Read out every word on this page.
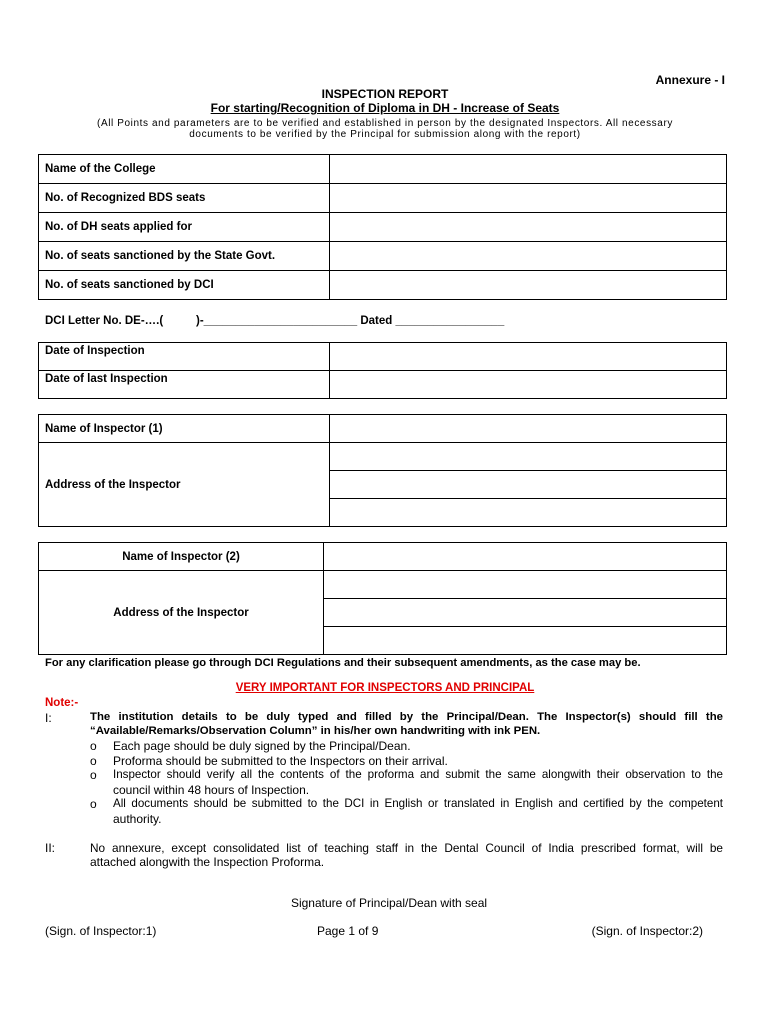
Annexure - I
INSPECTION REPORT
For starting/Recognition of Diploma in DH - Increase of Seats
(All Points and parameters are to be verified and established in person by the designated Inspectors. All necessary
documents to be verified by the Principal for submission along with the report)
Name of the College	
No. of Recognized BDS seats	
No. of DH seats applied for	
No. of seats sanctioned by the State Govt.	
No. of seats sanctioned by DCI	
DCI Letter No. DE-….(	)-________________________ Dated _________________
Date of Inspection	
Date of last Inspection	
Name of Inspector (1)	
Address of the Inspector	

Name of Inspector (2)	
Address of the Inspector	

For any clarification please go through DCI Regulations and their subsequent amendments, as the case may be.
VERY IMPORTANT FOR INSPECTORS AND PRINCIPAL
Note:-
I:	The institution details to be duly typed and filled by the Principal/Dean. The Inspector(s) should fill the
“Available/Remarks/Observation Column” in his/her own handwriting with ink PEN.
o Each page should be duly signed by the Principal/Dean.
o Proforma should be submitted to the Inspectors on their arrival.
o Inspector should verify all the contents of the proforma and submit the same alongwith their observation to the
council within 48 hours of Inspection.
o All documents should be submitted to the DCI in English or translated in English and certified by the competent
authority.
II:	No annexure, except consolidated list of teaching staff in the Dental Council of India prescribed format, will be
attached alongwith the Inspection Proforma.
Signature of Principal/Dean with seal
(Sign. of Inspector:1)	Page 1 of 9	(Sign. of Inspector:2)
